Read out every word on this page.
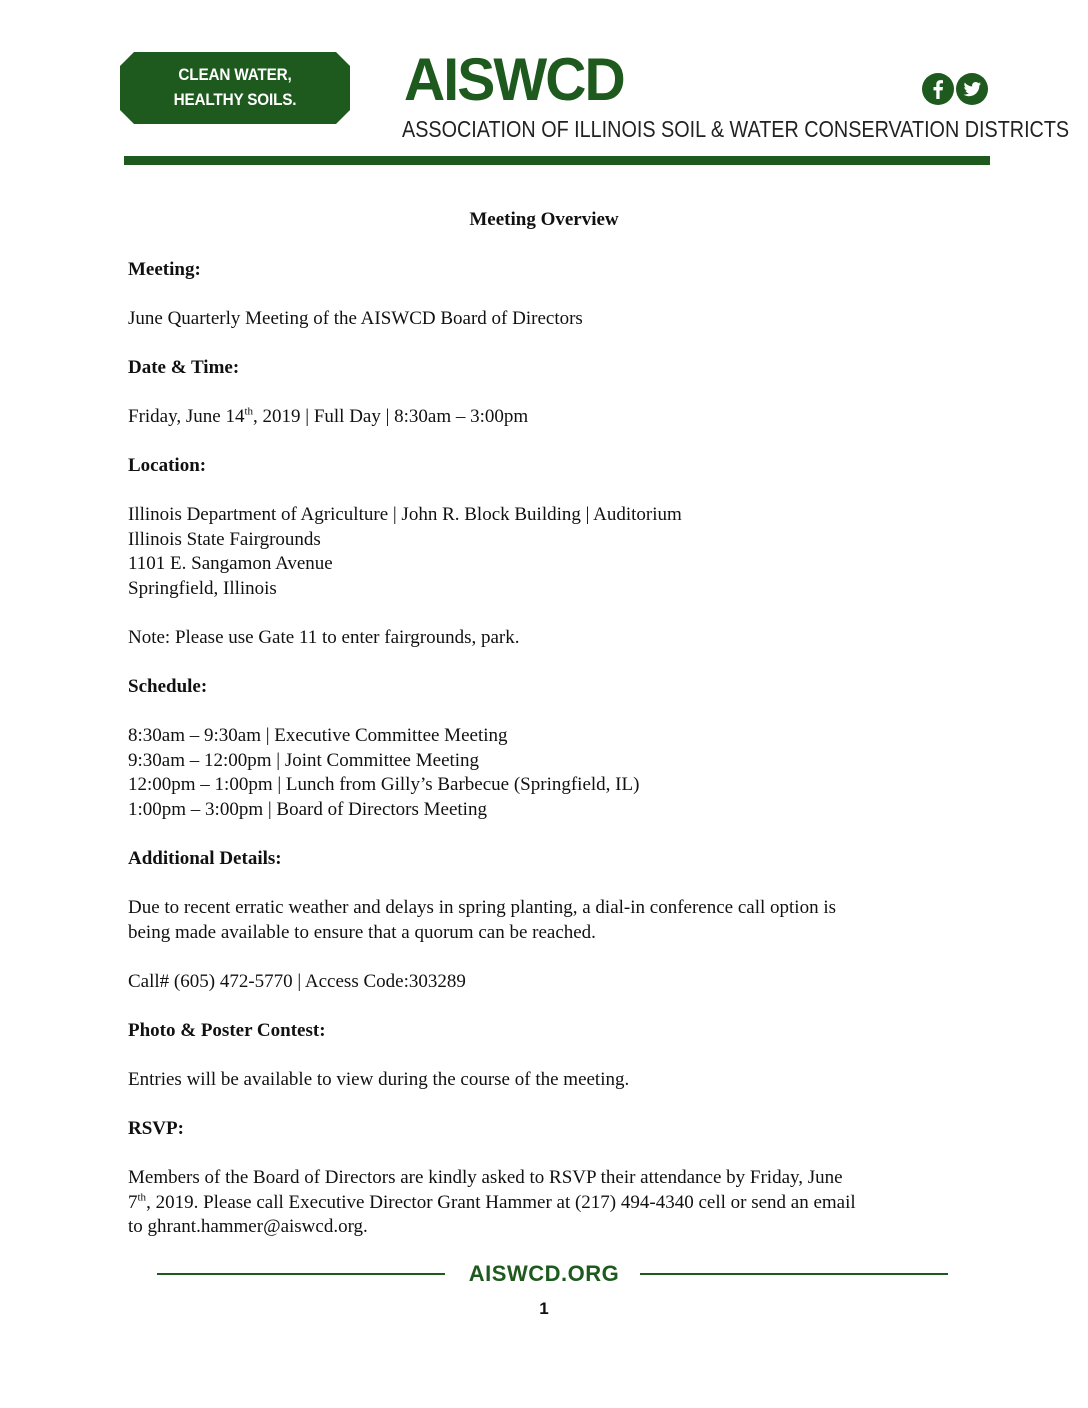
CLEAN WATER,
HEALTHY SOILS.	AISWCD
ASSOCIATION OF ILLINOIS SOIL & WATER CONSERVATION DISTRICTS
Meeting Overview
Meeting:
June Quarterly Meeting of the AISWCD Board of Directors
Date & Time:
Friday, June 14th, 2019 | Full Day | 8:30am – 3:00pm
Location:
Illinois Department of Agriculture | John R. Block Building | Auditorium
Illinois State Fairgrounds
1101 E. Sangamon Avenue
Springfield, Illinois
Note: Please use Gate 11 to enter fairgrounds, park.
Schedule:
8:30am – 9:30am | Executive Committee Meeting
9:30am – 12:00pm | Joint Committee Meeting
12:00pm – 1:00pm | Lunch from Gilly’s Barbecue (Springfield, IL)
1:00pm – 3:00pm | Board of Directors Meeting
Additional Details:
Due to recent erratic weather and delays in spring planting, a dial-in conference call option is
being made available to ensure that a quorum can be reached.
Call# (605) 472-5770 | Access Code:303289
Photo & Poster Contest:
Entries will be available to view during the course of the meeting.
RSVP:
Members of the Board of Directors are kindly asked to RSVP their attendance by Friday, June
7th, 2019. Please call Executive Director Grant Hammer at (217) 494-4340 cell or send an email
to ghrant.hammer@aiswcd.org.
AISWCD.ORG
1
